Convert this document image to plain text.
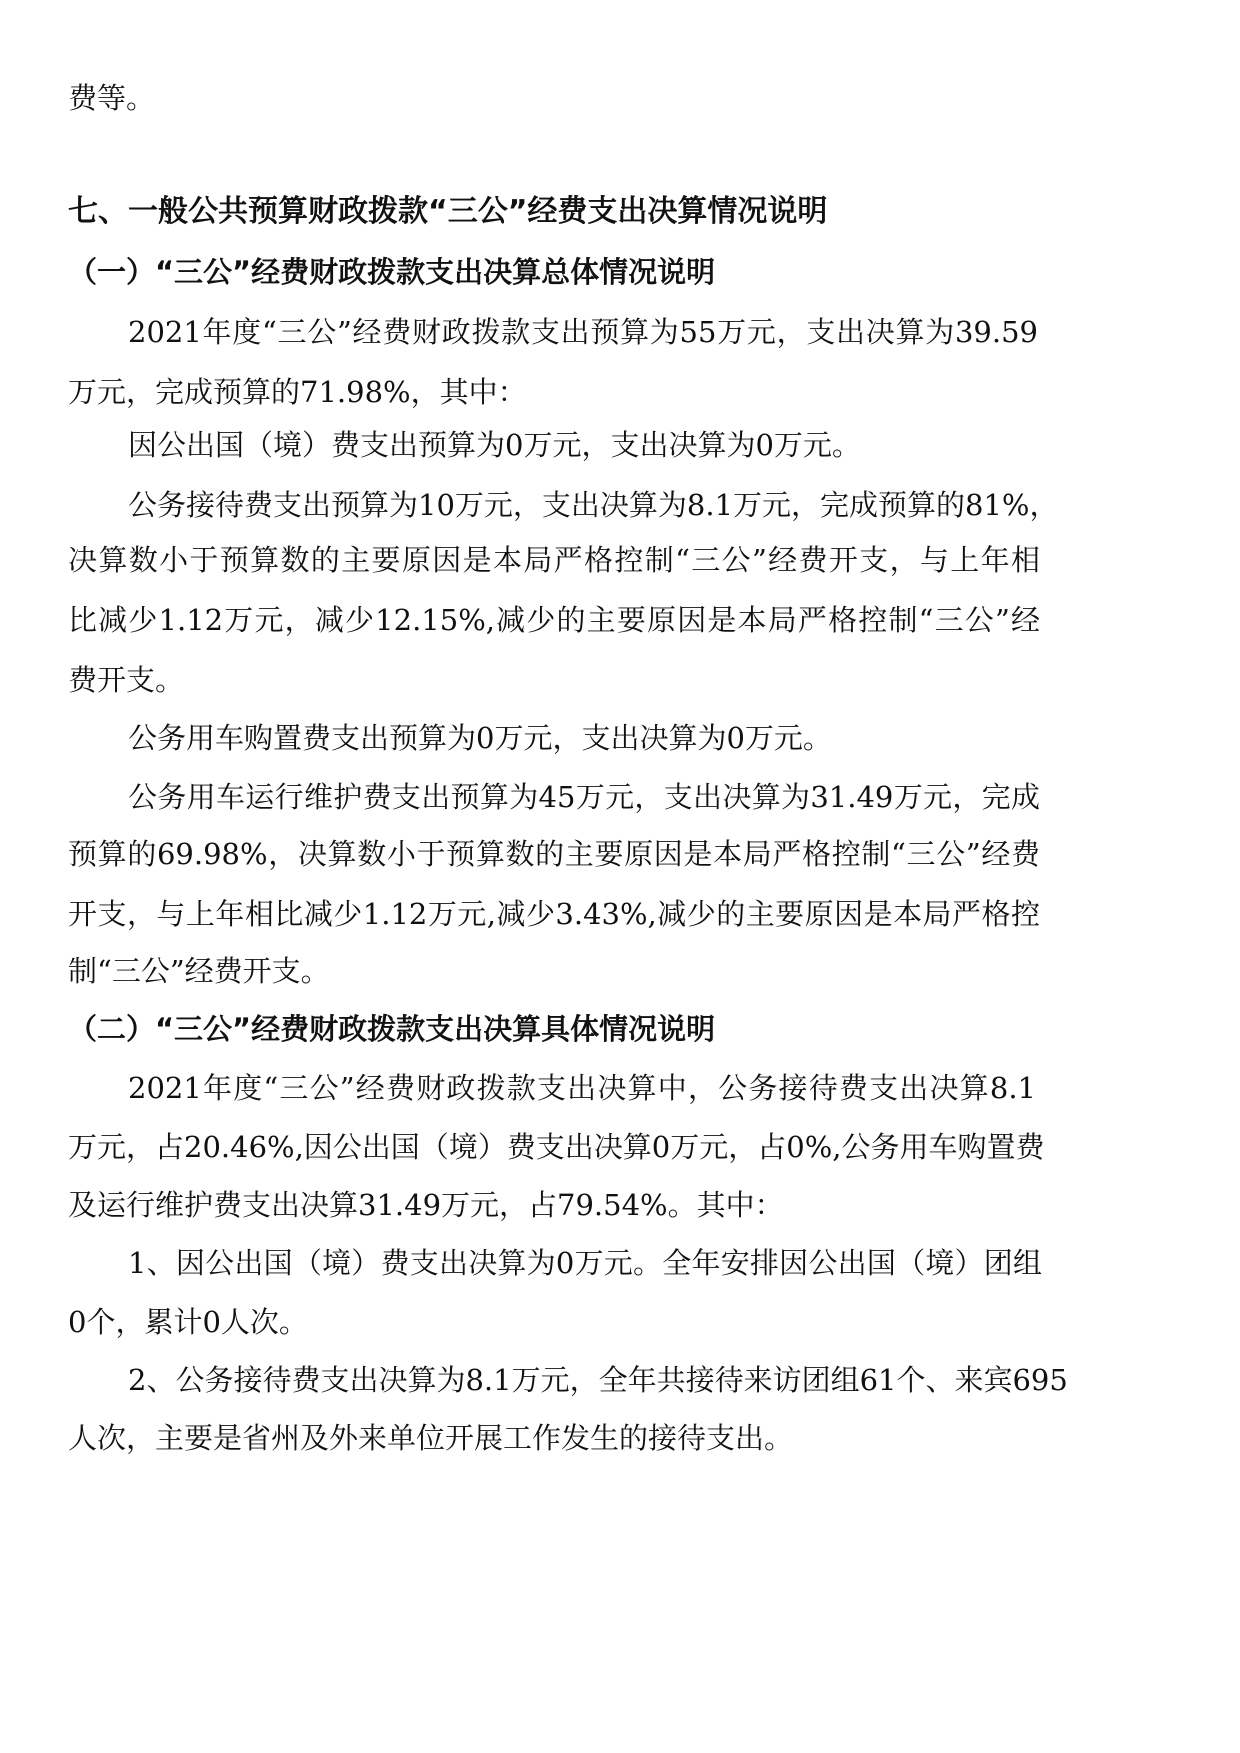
费等。

七、一般公共预算财政拨款“三公”经费支出决算情况说明

（一）“三公”经费财政拨款支出决算总体情况说明

2021年度“三公”经费财政拨款支出预算为55万元，支出决算为39.59

万元，完成预算的71.98%，其中：

因公出国（境）费支出预算为0万元，支出决算为0万元。

公务接待费支出预算为10万元，支出决算为8.1万元，完成预算的81%，

决算数小于预算数的主要原因是本局严格控制“三公”经费开支，与上年相

比减少1.12万元，减少12.15%,减少的主要原因是本局严格控制“三公”经

费开支。

公务用车购置费支出预算为0万元，支出决算为0万元。

公务用车运行维护费支出预算为45万元，支出决算为31.49万元，完成

预算的69.98%，决算数小于预算数的主要原因是本局严格控制“三公”经费

开支，与上年相比减少1.12万元,减少3.43%,减少的主要原因是本局严格控

制“三公”经费开支。

（二）“三公”经费财政拨款支出决算具体情况说明

2021年度“三公”经费财政拨款支出决算中，公务接待费支出决算8.1

万元，占20.46%,因公出国（境）费支出决算0万元，占0%,公务用车购置费

及运行维护费支出决算31.49万元，占79.54%。其中：

1、因公出国（境）费支出决算为0万元。全年安排因公出国（境）团组

0个，累计0人次。

2、公务接待费支出决算为8.1万元，全年共接待来访团组61个、来宾695

人次，主要是省州及外来单位开展工作发生的接待支出。
